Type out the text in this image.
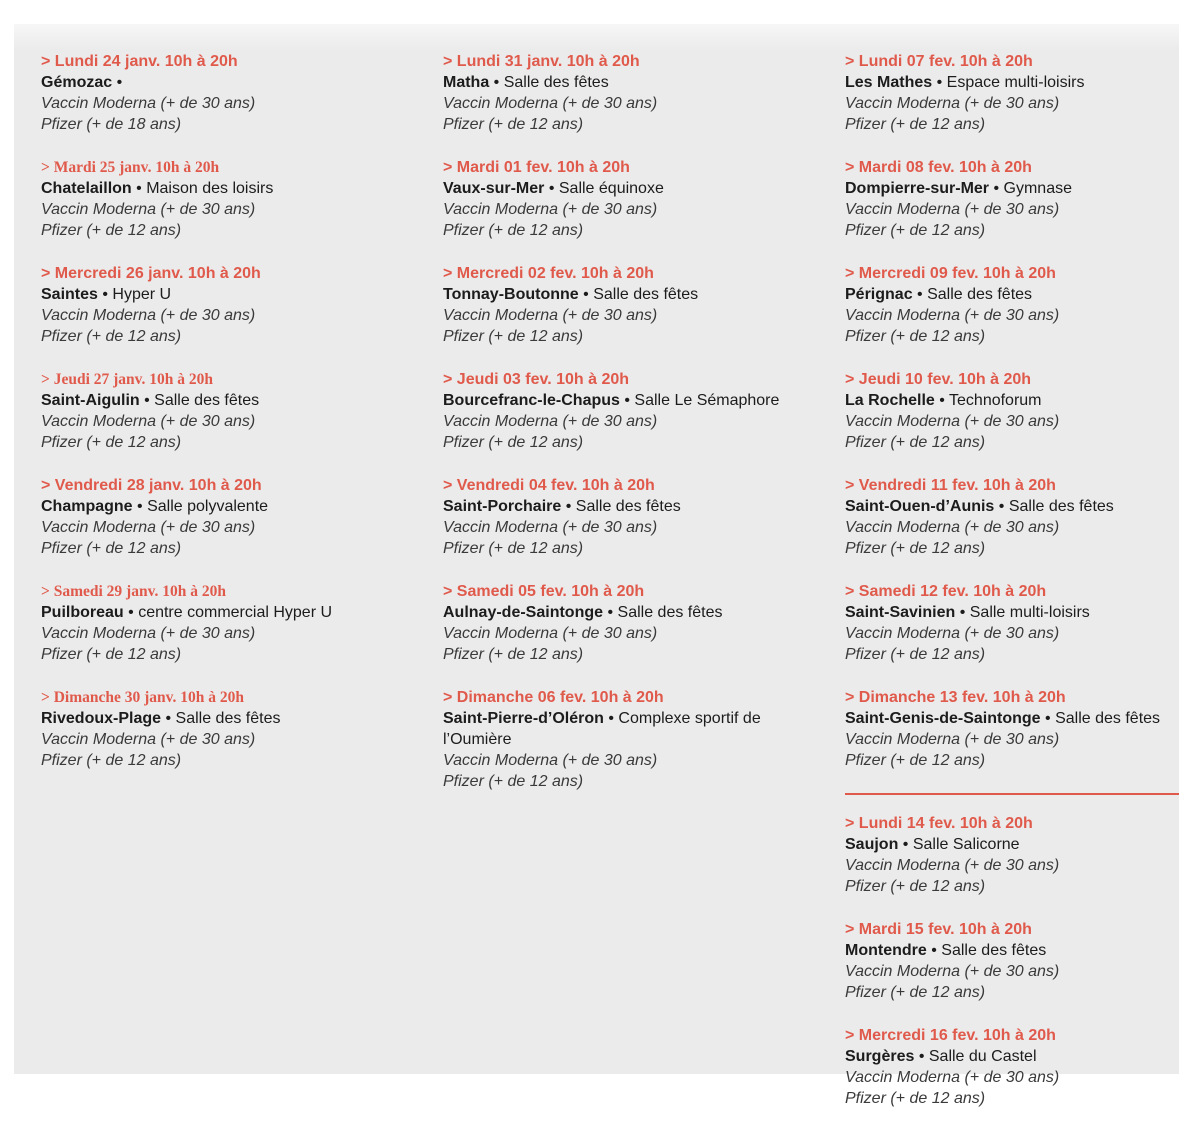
> Lundi 24 janv. 10h à 20h
Gémozac •
Vaccin Moderna (+ de 30 ans)
Pfizer (+ de 18 ans)
> Mardi 25 janv. 10h à 20h
Chatelaillon • Maison des loisirs
Vaccin Moderna (+ de 30 ans)
Pfizer (+ de 12 ans)
> Mercredi 26 janv. 10h à 20h
Saintes • Hyper U
Vaccin Moderna (+ de 30 ans)
Pfizer (+ de 12 ans)
> Jeudi 27 janv. 10h à 20h
Saint-Aigulin • Salle des fêtes
Vaccin Moderna (+ de 30 ans)
Pfizer (+ de 12 ans)
> Vendredi 28 janv. 10h à 20h
Champagne • Salle polyvalente
Vaccin Moderna (+ de 30 ans)
Pfizer (+ de 12 ans)
> Samedi 29 janv. 10h à 20h
Puilboreau • centre commercial Hyper U
Vaccin Moderna (+ de 30 ans)
Pfizer (+ de 12 ans)
> Dimanche 30 janv. 10h à 20h
Rivedoux-Plage • Salle des fêtes
Vaccin Moderna (+ de 30 ans)
Pfizer (+ de 12 ans)
> Lundi 31 janv. 10h à 20h
Matha • Salle des fêtes
Vaccin Moderna (+ de 30 ans)
Pfizer (+ de 12 ans)
> Mardi 01 fev. 10h à 20h
Vaux-sur-Mer • Salle équinoxe
Vaccin Moderna (+ de 30 ans)
Pfizer (+ de 12 ans)
> Mercredi 02 fev. 10h à 20h
Tonnay-Boutonne • Salle des fêtes
Vaccin Moderna (+ de 30 ans)
Pfizer (+ de 12 ans)
> Jeudi 03 fev. 10h à 20h
Bourcefranc-le-Chapus • Salle Le Sémaphore
Vaccin Moderna (+ de 30 ans)
Pfizer (+ de 12 ans)
> Vendredi 04 fev. 10h à 20h
Saint-Porchaire • Salle des fêtes
Vaccin Moderna (+ de 30 ans)
Pfizer (+ de 12 ans)
> Samedi 05 fev. 10h à 20h
Aulnay-de-Saintonge • Salle des fêtes
Vaccin Moderna (+ de 30 ans)
Pfizer (+ de 12 ans)
> Dimanche 06 fev. 10h à 20h
Saint-Pierre-d’Oléron • Complexe sportif de l’Oumière
Vaccin Moderna (+ de 30 ans)
Pfizer (+ de 12 ans)
> Lundi 07 fev. 10h à 20h
Les Mathes • Espace multi-loisirs
Vaccin Moderna (+ de 30 ans)
Pfizer (+ de 12 ans)
> Mardi 08 fev. 10h à 20h
Dompierre-sur-Mer • Gymnase
Vaccin Moderna (+ de 30 ans)
Pfizer (+ de 12 ans)
> Mercredi 09 fev. 10h à 20h
Pérignac • Salle des fêtes
Vaccin Moderna (+ de 30 ans)
Pfizer (+ de 12 ans)
> Jeudi 10 fev. 10h à 20h
La Rochelle • Technoforum
Vaccin Moderna (+ de 30 ans)
Pfizer (+ de 12 ans)
> Vendredi 11 fev. 10h à 20h
Saint-Ouen-d’Aunis • Salle des fêtes
Vaccin Moderna (+ de 30 ans)
Pfizer (+ de 12 ans)
> Samedi 12 fev. 10h à 20h
Saint-Savinien • Salle multi-loisirs
Vaccin Moderna (+ de 30 ans)
Pfizer (+ de 12 ans)
> Dimanche 13 fev. 10h à 20h
Saint-Genis-de-Saintonge • Salle des fêtes
Vaccin Moderna (+ de 30 ans)
Pfizer (+ de 12 ans)
> Lundi 14 fev. 10h à 20h
Saujon • Salle Salicorne
Vaccin Moderna (+ de 30 ans)
Pfizer (+ de 12 ans)
> Mardi 15 fev. 10h à 20h
Montendre • Salle des fêtes
Vaccin Moderna (+ de 30 ans)
Pfizer (+ de 12 ans)
> Mercredi 16 fev. 10h à 20h
Surgères • Salle du Castel
Vaccin Moderna (+ de 30 ans)
Pfizer (+ de 12 ans)
